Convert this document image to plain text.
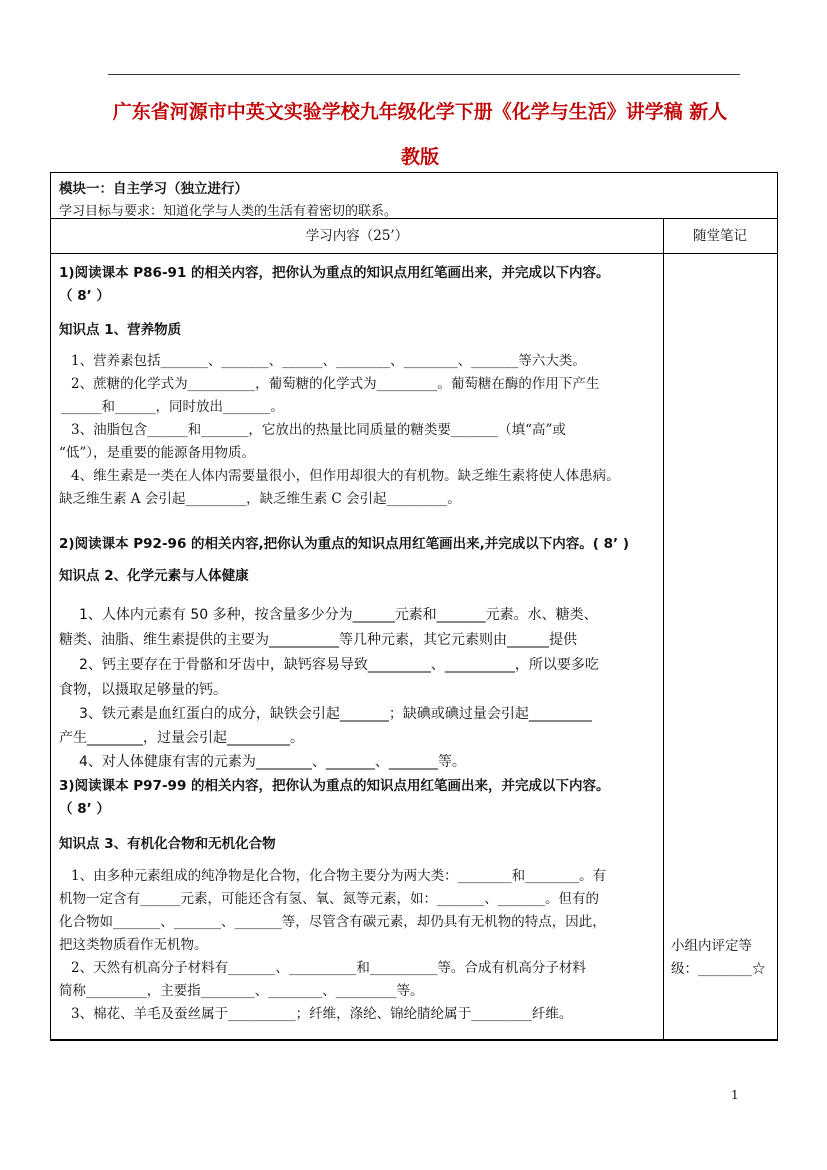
广东省河源市中英文实验学校九年级化学下册《化学与生活》讲学稿 新人
教版
模块一：自主学习（独立进行）
学习目标与要求：知道化学与人类的生活有着密切的联系。
学习内容（25’）	随堂笔记
1)阅读课本 P86-91 的相关内容，把你认为重点的知识点用红笔画出来，并完成以下内容。
（ 8’ ）
知识点 1、营养物质
1、营养素包括_______、_______、______、________、________、_______等六大类。
2、蔗糖的化学式为__________，葡萄糖的化学式为_________。葡萄糖在酶的作用下产生
______和______，同时放出_______。
3、油脂包含______和_______，它放出的热量比同质量的糖类要_______（填“高”或
“低”），是重要的能源备用物质。
4、维生素是一类在人体内需要量很小，但作用却很大的有机物。缺乏维生素将使人体患病。
缺乏维生素 A 会引起_________，缺乏维生素 C 会引起_________。
2)阅读课本 P92-96 的相关内容,把你认为重点的知识点用红笔画出来,并完成以下内容。( 8’ )
知识点 2、化学元素与人体健康
1、人体内元素有 50 多种，按含量多少分为______元素和_______元素。水、糖类、
糖类、油脂、维生素提供的主要为__________等几种元素，其它元素则由______提供
2、钙主要存在于骨骼和牙齿中，缺钙容易导致_________、__________，所以要多吃
食物，以摄取足够量的钙。
3、铁元素是血红蛋白的成分，缺铁会引起_______；缺碘或碘过量会引起_________
产生________，过量会引起_________。
4、对人体健康有害的元素为________、_______、_______等。
3)阅读课本 P97-99 的相关内容，把你认为重点的知识点用红笔画出来，并完成以下内容。
（ 8’ ）
知识点 3、有机化合物和无机化合物
1、由多种元素组成的纯净物是化合物，化合物主要分为两大类：________和________。有
机物一定含有______元素，可能还含有氢、氧、氮等元素，如：_______、_______。但有的
化合物如_______、_______、_______等，尽管含有碳元素，却仍具有无机物的特点，因此，
把这类物质看作无机物。
2、天然有机高分子材料有_______、__________和__________等。合成有机高分子材料
简称_________，主要指________、________、_________等。
3、棉花、羊毛及蚕丝属于__________；纤维，涤纶、锦纶腈纶属于_________纤维。
小组内评定等
级：________☆
1
